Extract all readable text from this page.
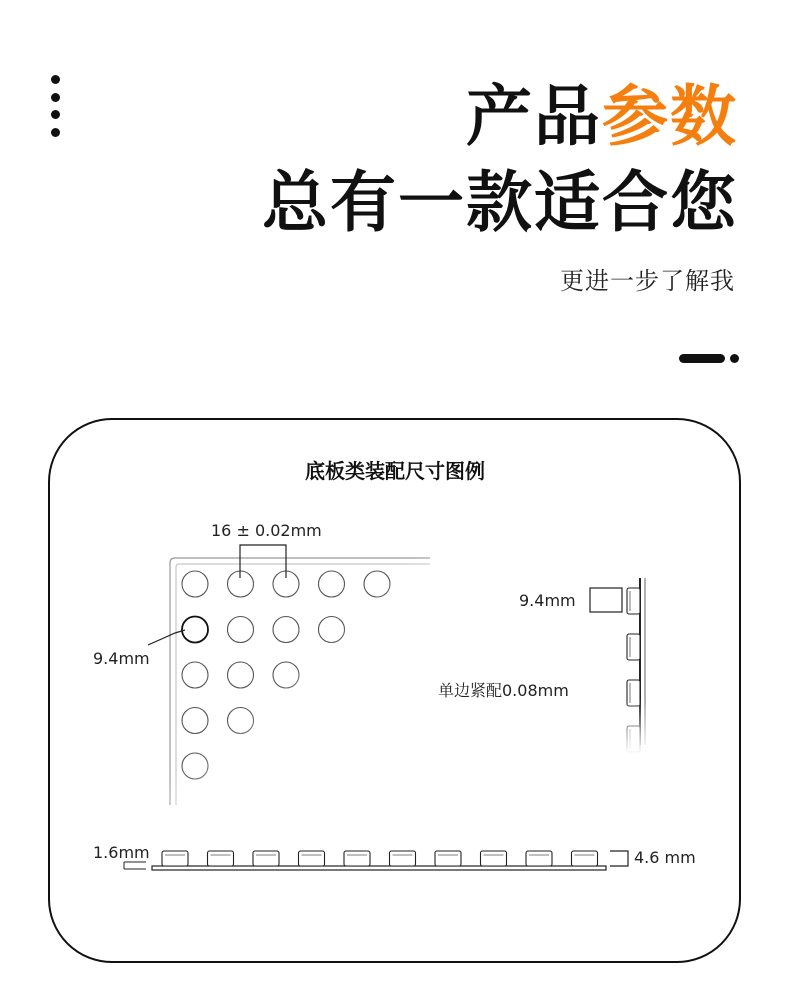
产品参数
总有一款适合您
更进一步了解我
底板类装配尺寸图例
16 ± 0.02mm
9.4mm
9.4mm
单边紧配0.08mm
1.6mm	4.6 mm
